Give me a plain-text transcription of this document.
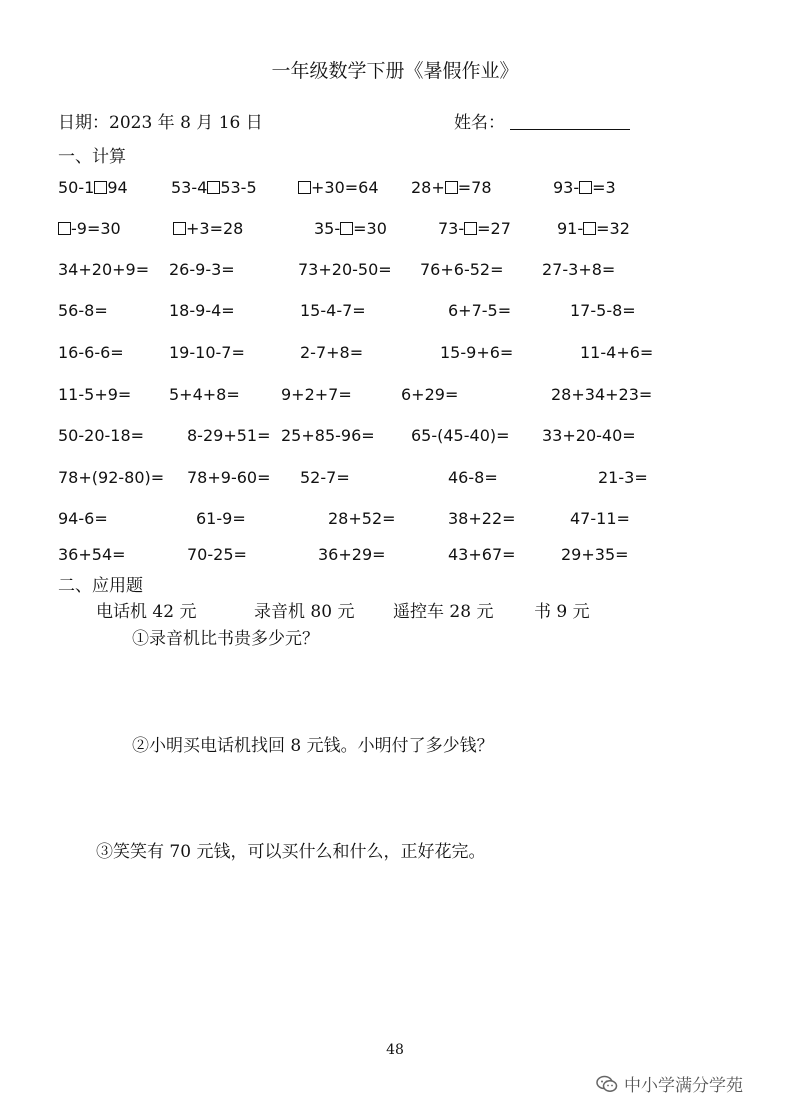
一年级数学下册《暑假作业》
日期：2023 年 8 月 16 日	姓名：
一、计算
50-1 94	53-4 53-5	+30=64 28+ =78	93- =3
-9=30	+3=28	35- =30	73- =27	91- =32
34+20+9= 26-9-3=	73+20-50= 76+6-52= 27-3+8=
56-8=	18-9-4=	15-4-7=	6+7-5=	17-5-8=
16-6-6=	19-10-7=	2-7+8=	15-9+6=	11-4+6=
11-5+9= 5+4+8=	9+2+7=	6+29=	28+34+23=
50-20-18=	8-29+51= 25+85-96= 65-(45-40)= 33+20-40=
78+(92-80)= 78+9-60= 52-7=	46-8=	21-3=
94-6=	61-9=	28+52=	38+22=	47-11=
36+54=	70-25=	36+29=	43+67=	29+35=
二、应用题
电话机 42 元	录音机 80 元 遥控车 28 元 书 9 元
①录音机比书贵多少元？
②小明买电话机找回 8 元钱。小明付了多少钱？
③笑笑有 70 元钱，可以买什么和什么，正好花完。
48
中小学满分学苑
